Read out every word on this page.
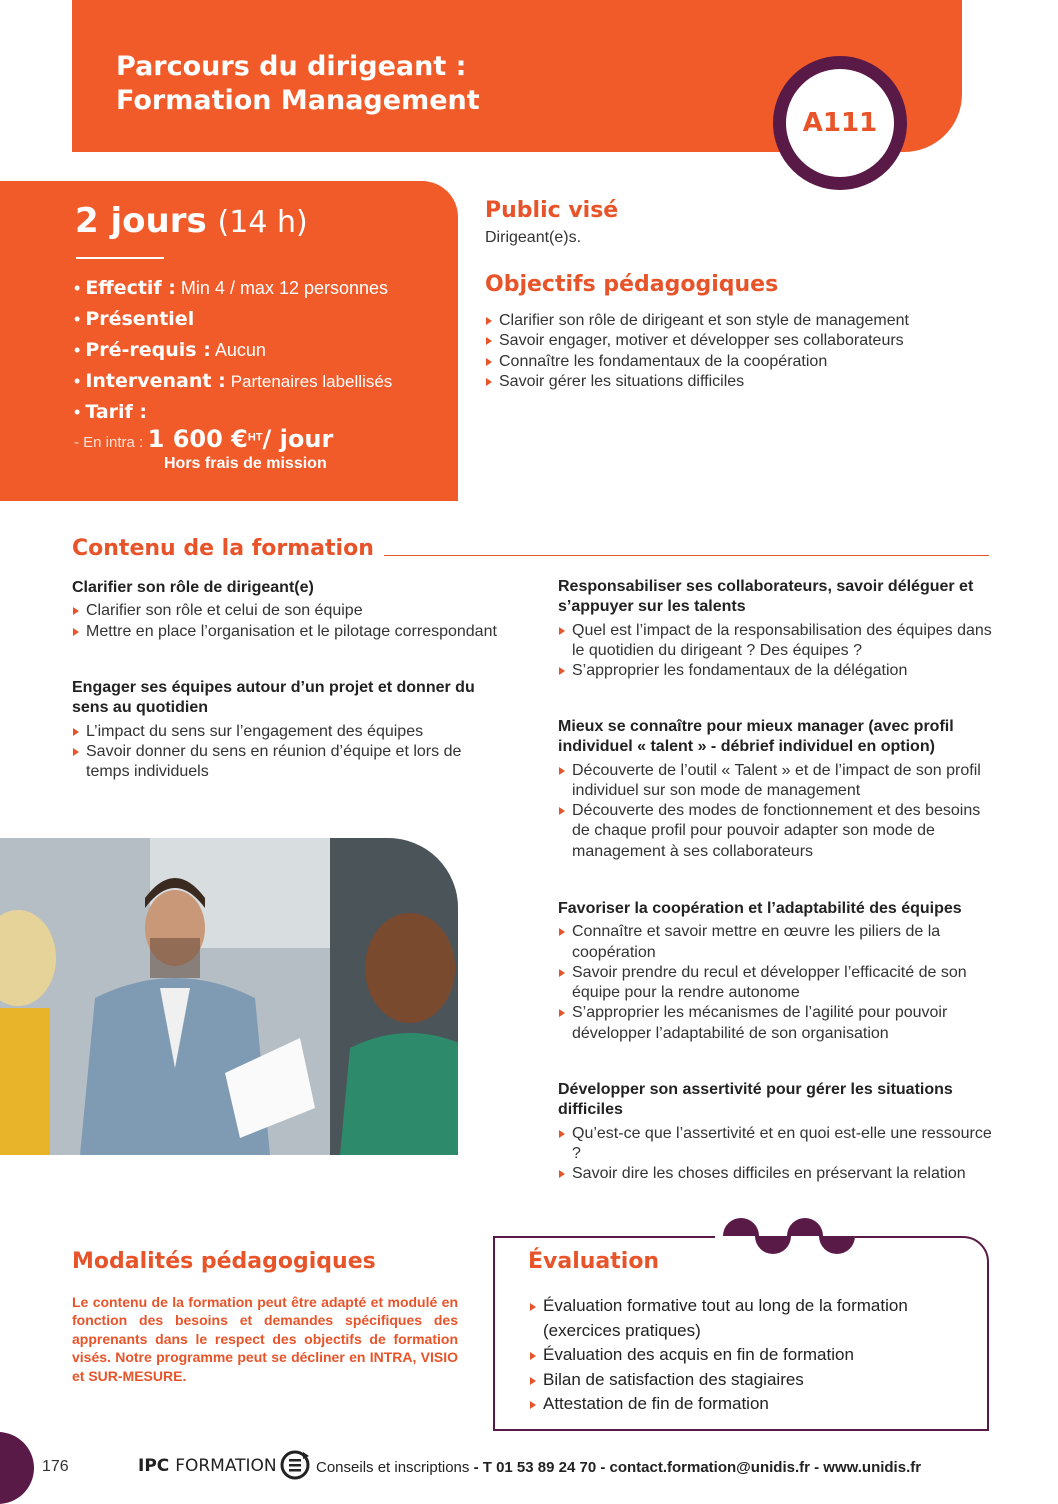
Parcours du dirigeant :
Formation Management
A111
2 jours (14 h)
• Effectif : Min 4 / max 12 personnes
• Présentiel
• Pré-requis : Aucun
• Intervenant : Partenaires labellisés
• Tarif :
- En intra : 1 600 €$^{HT}$/ jour
Hors frais de mission
Public visé
Dirigeant(e)s.
Objectifs pédagogiques
Clarifier son rôle de dirigeant et son style de management
Savoir engager, motiver et développer ses collaborateurs
Connaître les fondamentaux de la coopération
Savoir gérer les situations difficiles
Contenu de la formation
Clarifier son rôle de dirigeant(e)
Clarifier son rôle et celui de son équipe
Mettre en place l’organisation et le pilotage correspondant
Engager ses équipes autour d’un projet et donner du sens au quotidien
L’impact du sens sur l’engagement des équipes
Savoir donner du sens en réunion d’équipe et lors de temps individuels
Responsabiliser ses collaborateurs, savoir déléguer et s’appuyer sur les talents
Quel est l’impact de la responsabilisation des équipes dans le quotidien du dirigeant ? Des équipes ?
S’approprier les fondamentaux de la délégation
Mieux se connaître pour mieux manager (avec profil individuel « talent » - débrief individuel en option)
Découverte de l’outil « Talent » et de l’impact de son profil individuel sur son mode de management
Découverte des modes de fonctionnement et des besoins de chaque profil pour pouvoir adapter son mode de management à ses collaborateurs
Favoriser la coopération et l’adaptabilité des équipes
Connaître et savoir mettre en œuvre les piliers de la coopération
Savoir prendre du recul et développer l’efficacité de son équipe pour la rendre autonome
S’approprier les mécanismes de l’agilité pour pouvoir développer l’adaptabilité de son organisation
Développer son assertivité pour gérer les situations difficiles
Qu’est-ce que l’assertivité et en quoi est-elle une ressource ?
Savoir dire les choses difficiles en préservant la relation
Modalités pédagogiques
Le contenu de la formation peut être adapté et modulé en fonction des besoins et demandes spécifiques des apprenants dans le respect des objectifs de formation visés. Notre programme peut se décliner en INTRA, VISIO et SUR-MESURE.
Évaluation formative tout au long de la formation (exercices pratiques)
Évaluation des acquis en fin de formation
Bilan de satisfaction des stagiaires
Attestation de fin de formation
Évaluation
176	IPC FORMATION	Conseils et inscriptions - T 01 53 89 24 70 - contact.formation@unidis.fr - www.unidis.fr
